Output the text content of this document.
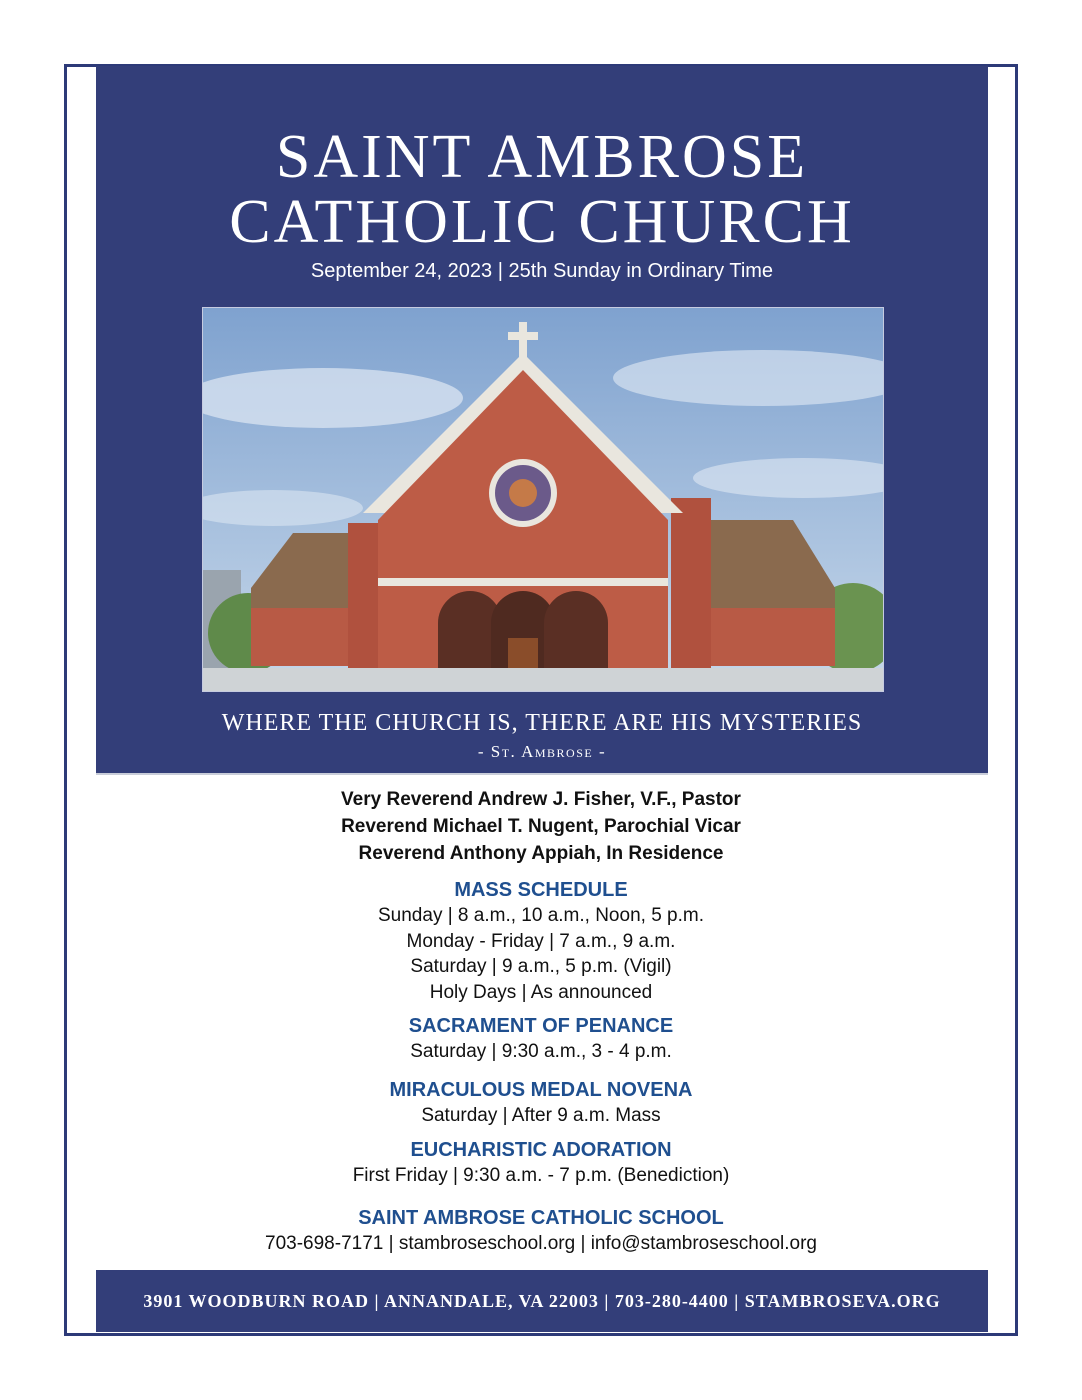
SAINT AMBROSE
CATHOLIC CHURCH
September 24, 2023 | 25th Sunday in Ordinary Time
WHERE THE CHURCH IS, THERE ARE HIS MYSTERIES
- St. Ambrose -
Very Reverend Andrew J. Fisher, V.F., Pastor
Reverend Michael T. Nugent, Parochial Vicar
Reverend Anthony Appiah, In Residence
MASS SCHEDULE
Sunday | 8 a.m., 10 a.m., Noon, 5 p.m.
Monday - Friday | 7 a.m., 9 a.m.
Saturday | 9 a.m., 5 p.m. (Vigil)
Holy Days | As announced
SACRAMENT OF PENANCE
Saturday | 9:30 a.m., 3 - 4 p.m.
MIRACULOUS MEDAL NOVENA
Saturday | After 9 a.m. Mass
EUCHARISTIC ADORATION
First Friday | 9:30 a.m. - 7 p.m. (Benediction)
SAINT AMBROSE CATHOLIC SCHOOL
703-698-7171 | stambroseschool.org | info@stambroseschool.org
3901 WOODBURN ROAD | ANNANDALE, VA 22003 | 703-280-4400 | STAMBROSEVA.ORG
